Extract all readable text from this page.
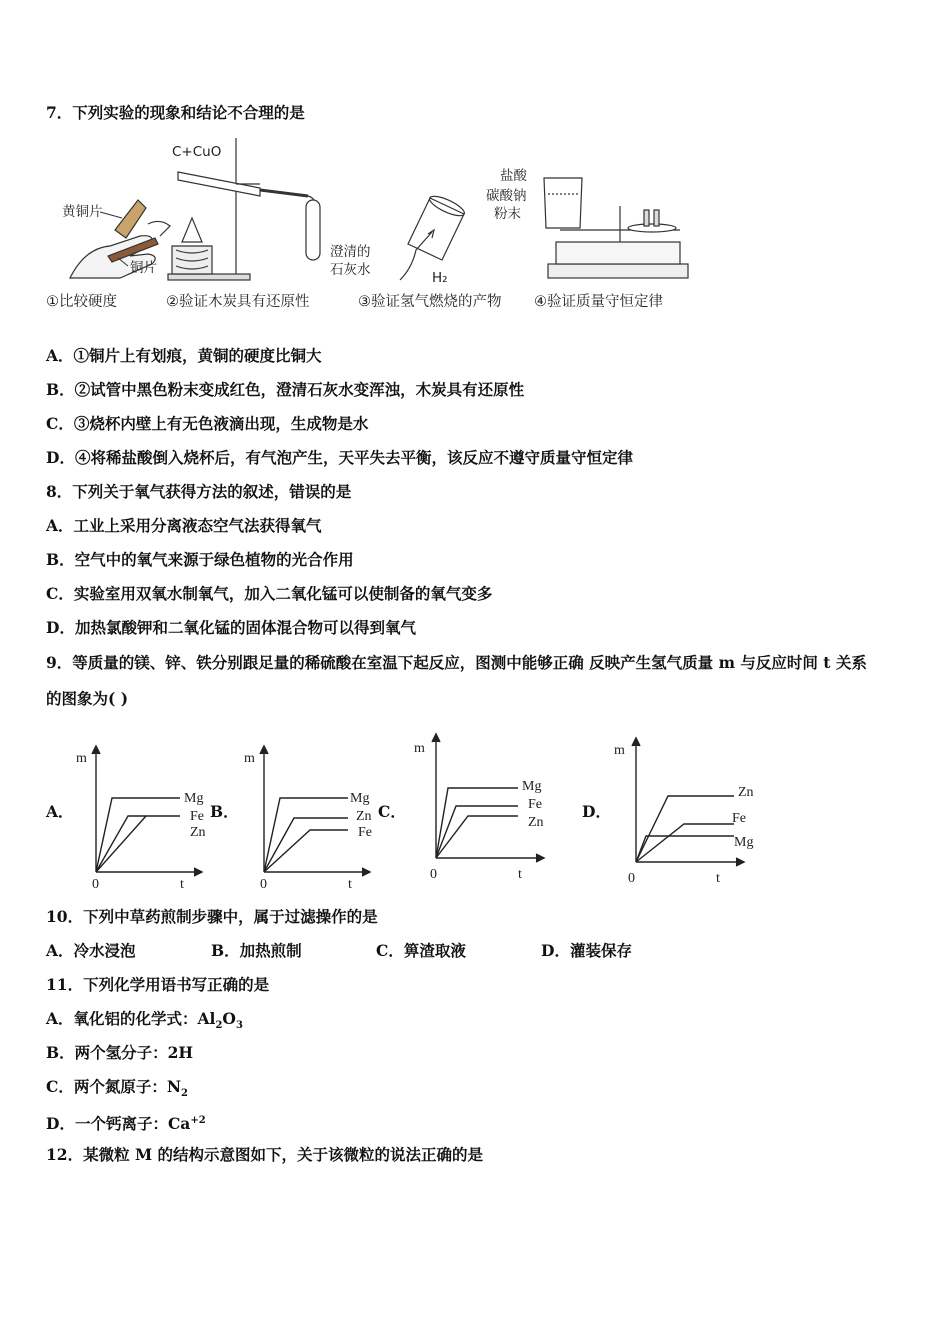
7．下列实验的现象和结论不合理的是
黄铜片
铜片
C+CuO
澄清的
石灰水	H₂
盐酸
碳酸钠
粉末
①比较硬度	②验证木炭具有还原性	③验证氢气燃烧的产物 ④验证质量守恒定律
A．①铜片上有划痕，黄铜的硬度比铜大
B．②试管中黑色粉末变成红色，澄清石灰水变浑浊，木炭具有还原性
C．③烧杯内壁上有无色液滴出现，生成物是水
D．④将稀盐酸倒入烧杯后，有气泡产生，天平失去平衡，该反应不遵守质量守恒定律
8．下列关于氧气获得方法的叙述，错误的是
A．工业上采用分离液态空气法获得氧气
B．空气中的氧气来源于绿色植物的光合作用
C．实验室用双氧水制氧气，加入二氧化锰可以使制备的氧气变多
D．加热氯酸钾和二氧化锰的固体混合物可以得到氧气
9．等质量的镁、锌、铁分别跟足量的稀硫酸在室温下起反应，图测中能够正确 反映产生氢气质量 m 与反应时间 t 关系
的图象为( )
A．
m
0	t
Mg
Fe
Zn
B．
m
0	t
Mg
Zn
Fe
C．
m
0	t
Mg
Fe
Zn
D．
m
0	t
Zn
Fe
Mg
10．下列中草药煎制步骤中，属于过滤操作的是
A．冷水浸泡	B．加热煎制	C．箅渣取液	D．灌装保存
11．下列化学用语书写正确的是
A．氧化铝的化学式：$Al_2O_3$
B．两个氢分子：2H
C．两个氮原子：$N_2$
D．一个钙离子：$Ca^{+2}$
12．某微粒 M 的结构示意图如下，关于该微粒的说法正确的是
